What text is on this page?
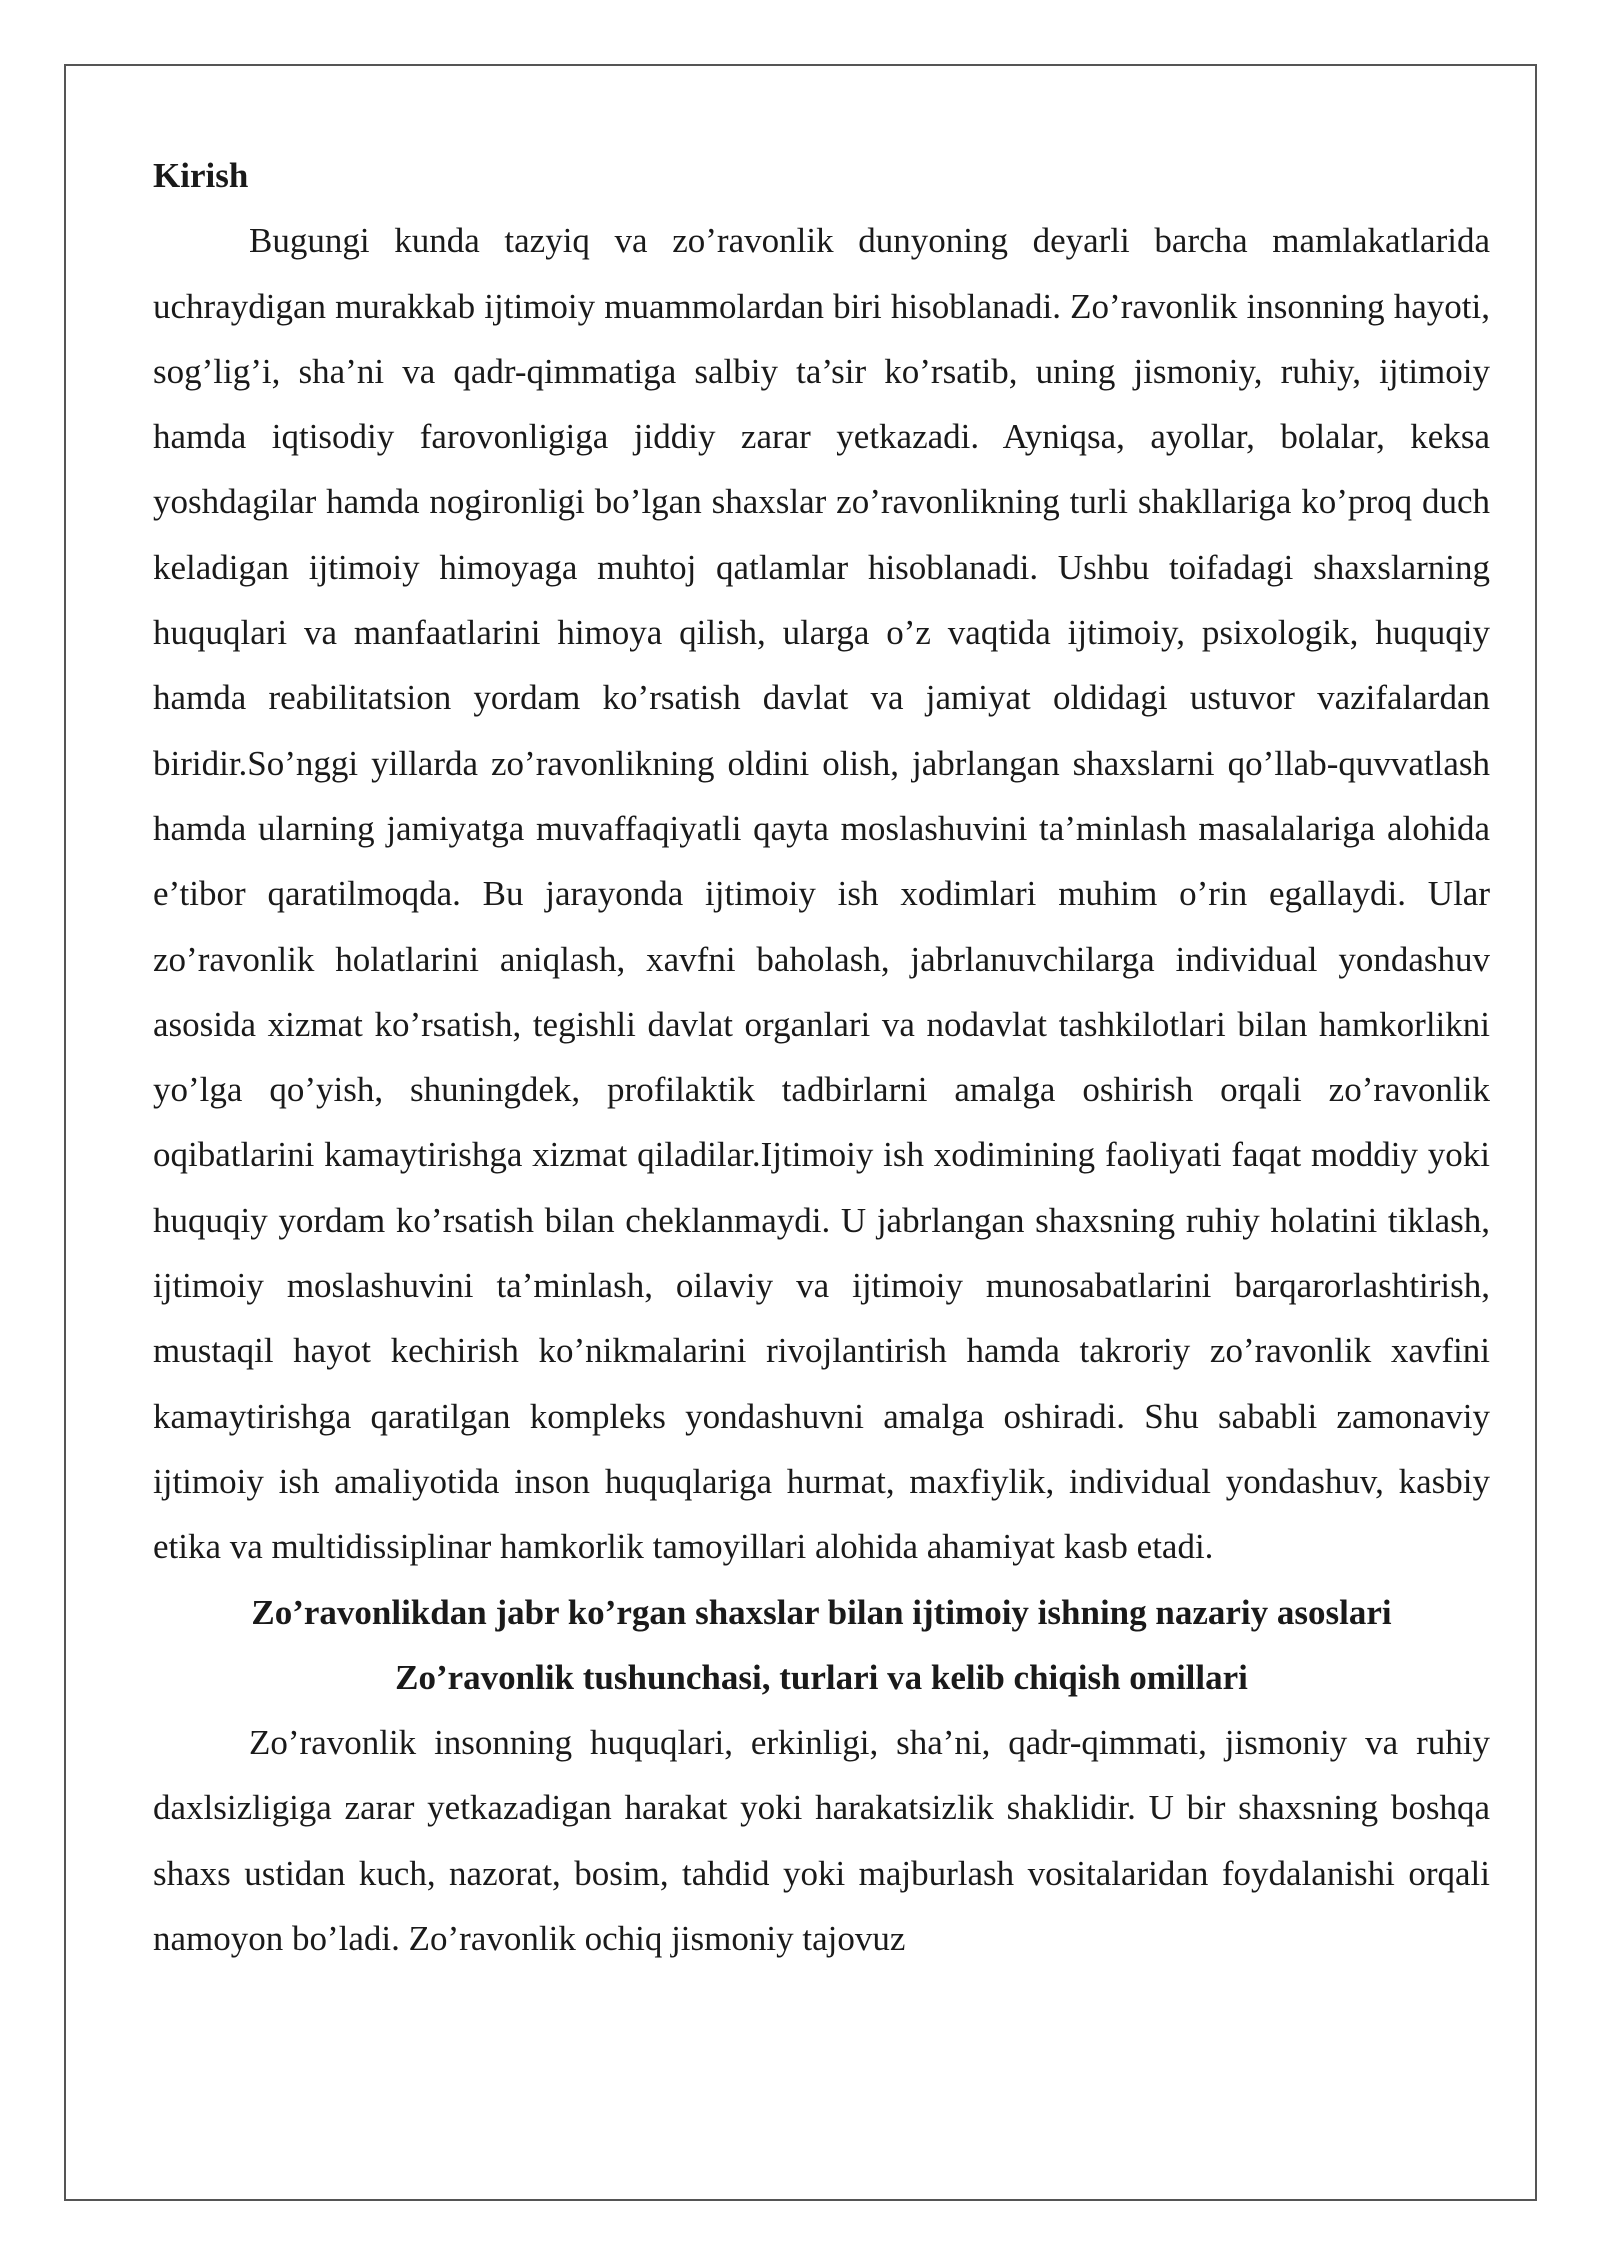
Kirish

Bugungi kunda tazyiq va zo’ravonlik dunyoning deyarli barcha mamlakatlarida uchraydigan murakkab ijtimoiy muammolardan biri hisoblanadi. Zo’ravonlik insonning hayoti, sog’lig’i, sha’ni va qadr-qimmatiga salbiy ta’sir ko’rsatib, uning jismoniy, ruhiy, ijtimoiy hamda iqtisodiy farovonligiga jiddiy zarar yetkazadi. Ayniqsa, ayollar, bolalar, keksa yoshdagilar hamda nogironligi bo’lgan shaxslar zo’ravonlikning turli shakllariga ko’proq duch keladigan ijtimoiy himoyaga muhtoj qatlamlar hisoblanadi. Ushbu toifadagi shaxslarning huquqlari va manfaatlarini himoya qilish, ularga o’z vaqtida ijtimoiy, psixologik, huquqiy hamda reabilitatsion yordam ko’rsatish davlat va jamiyat oldidagi ustuvor vazifalardan biridir.So’nggi yillarda zo’ravonlikning oldini olish, jabrlangan shaxslarni qo’llab-quvvatlash hamda ularning jamiyatga muvaffaqiyatli qayta moslashuvini ta’minlash masalalariga alohida e’tibor qaratilmoqda. Bu jarayonda ijtimoiy ish xodimlari muhim o’rin egallaydi. Ular zo’ravonlik holatlarini aniqlash, xavfni baholash, jabrlanuvchilarga individual yondashuv asosida xizmat ko’rsatish, tegishli davlat organlari va nodavlat tashkilotlari bilan hamkorlikni yo’lga qo’yish, shuningdek, profilaktik tadbirlarni amalga oshirish orqali zo’ravonlik oqibatlarini kamaytirishga xizmat qiladilar.Ijtimoiy ish xodimining faoliyati faqat moddiy yoki huquqiy yordam ko’rsatish bilan cheklanmaydi. U jabrlangan shaxsning ruhiy holatini tiklash, ijtimoiy moslashuvini ta’minlash, oilaviy va ijtimoiy munosabatlarini barqarorlashtirish, mustaqil hayot kechirish ko’nikmalarini rivojlantirish hamda takroriy zo’ravonlik xavfini kamaytirishga qaratilgan kompleks yondashuvni amalga oshiradi. Shu sababli zamonaviy ijtimoiy ish amaliyotida inson huquqlariga hurmat, maxfiylik, individual yondashuv, kasbiy etika va multidissiplinar hamkorlik tamoyillari alohida ahamiyat kasb etadi.

Zo’ravonlikdan jabr ko’rgan shaxslar bilan ijtimoiy ishning nazariy asoslari

Zo’ravonlik tushunchasi, turlari va kelib chiqish omillari

Zo’ravonlik insonning huquqlari, erkinligi, sha’ni, qadr-qimmati, jismoniy va ruhiy daxlsizligiga zarar yetkazadigan harakat yoki harakatsizlik shaklidir. U bir shaxsning boshqa shaxs ustidan kuch, nazorat, bosim, tahdid yoki majburlash vositalaridan foydalanishi orqali namoyon bo’ladi. Zo’ravonlik ochiq jismoniy tajovuz
